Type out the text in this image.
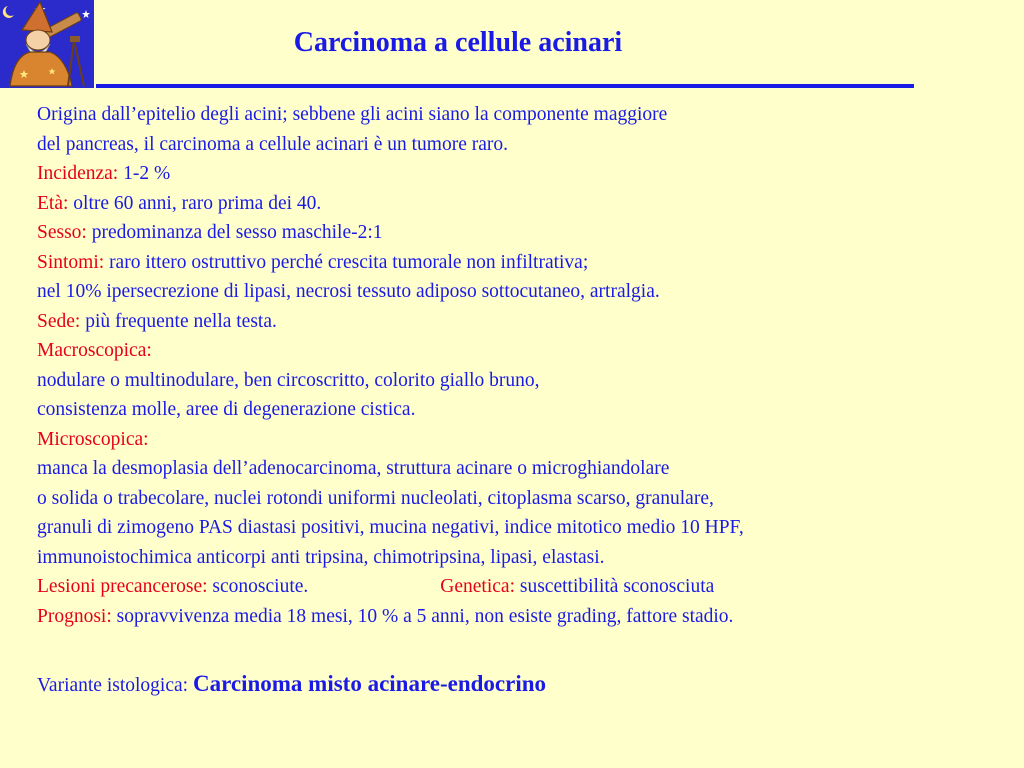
Carcinoma a cellule acinari
Origina dall’epitelio degli acini; sebbene gli acini siano la componente maggiore
del pancreas, il carcinoma a cellule acinari è un tumore raro.
Incidenza: 1-2 %
Età: oltre 60 anni, raro prima dei 40.
Sesso: predominanza del sesso maschile-2:1
Sintomi: raro ittero ostruttivo perché crescita tumorale non infiltrativa;
nel 10% ipersecrezione di lipasi, necrosi tessuto adiposo sottocutaneo, artralgia.
Sede: più frequente nella testa.
Macroscopica:
nodulare o multinodulare, ben circoscritto, colorito giallo bruno,
consistenza molle, aree di degenerazione cistica.
Microscopica:
manca la desmoplasia dell’adenocarcinoma, struttura acinare o microghiandolare
o solida o trabecolare, nuclei rotondi uniformi nucleolati, citoplasma scarso, granulare,
granuli di zimogeno PAS diastasi positivi, mucina negativi, indice mitotico medio 10 HPF,
immunoistochimica anticorpi anti tripsina, chimotripsina, lipasi, elastasi.
Lesioni precancerose: sconosciute.	Genetica: suscettibilità sconosciuta
Prognosi: sopravvivenza media 18 mesi, 10 % a 5 anni, non esiste grading, fattore stadio.
Variante istologica: Carcinoma misto acinare-endocrino
